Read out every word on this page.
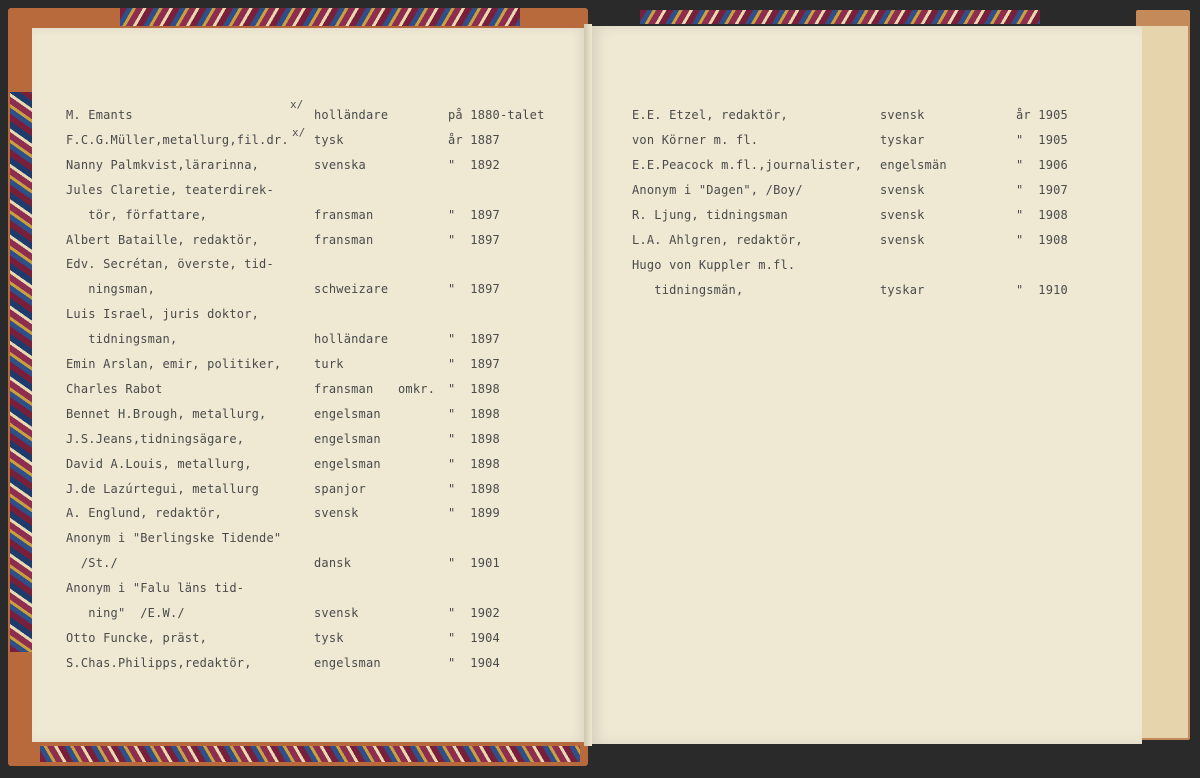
M. Emants	holländare	på 1880-talet
F.C.G.Müller,metallurg,fil.dr. tysk	år 1887
Nanny Palmkvist,lärarinna,	svenska	"  1892
Jules Claretie, teaterdirek-
tör, författare,	fransman	"  1897
Albert Bataille, redaktör,	fransman	"  1897
Edv. Secrétan, överste, tid-
ningsman,	schweizare	"  1897
Luis Israel, juris doktor,
tidningsman,	holländare	"  1897
Emin Arslan, emir, politiker,	turk	"  1897
Charles Rabot	fransman omkr. "  1898
Bennet H.Brough, metallurg,	engelsman	"  1898
J.S.Jeans,tidningsägare,	engelsman	"  1898
David A.Louis, metallurg,	engelsman	"  1898
J.de Lazúrtegui, metallurg	spanjor	"  1898
A. Englund, redaktör,	svensk	"  1899
Anonym i "Berlingske Tidende"
/St./	dansk	"  1901
Anonym i "Falu läns tid-
ning"  /E.W./	svensk	"  1902
Otto Funcke, präst,	tysk	"  1904
S.Chas.Philipps,redaktör,	engelsman	"  1904
E.E. Etzel, redaktör,	svensk	år 1905
von Körner m. fl.	tyskar	"  1905
E.E.Peacock m.fl.,journalister, engelsmän	"  1906
Anonym i "Dagen", /Boy/	svensk	"  1907
R. Ljung, tidningsman	svensk	"  1908
L.A. Ahlgren, redaktör,	svensk	"  1908
Hugo von Kuppler m.fl.
tidningsmän,	tyskar	"  1910
x/
x/
